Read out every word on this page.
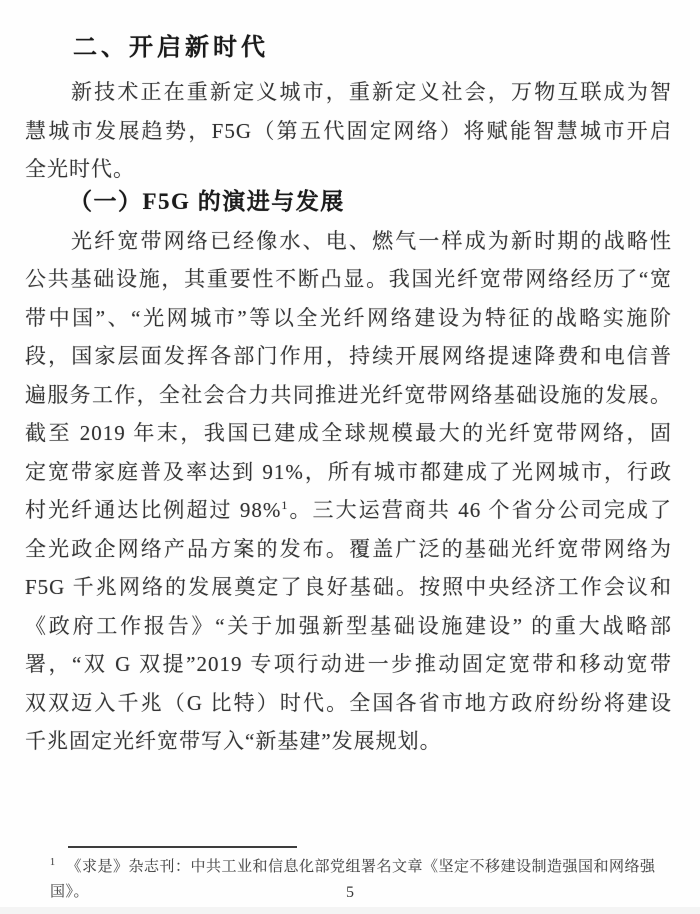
二、开启新时代
新技术正在重新定义城市，重新定义社会，万物互联成为智
慧城市发展趋势，F5G（第五代固定网络）将赋能智慧城市开启
全光时代。
（一）F5G 的演进与发展
光纤宽带网络已经像水、电、燃气一样成为新时期的战略性
公共基础设施，其重要性不断凸显。我国光纤宽带网络经历了“宽
带中国”、“光网城市”等以全光纤网络建设为特征的战略实施阶
段，国家层面发挥各部门作用，持续开展网络提速降费和电信普
遍服务工作，全社会合力共同推进光纤宽带网络基础设施的发展。
截至 2019 年末，我国已建成全球规模最大的光纤宽带网络，固
定宽带家庭普及率达到 91%，所有城市都建成了光网城市，行政
村光纤通达比例超过 98%$^1$。三大运营商共 46 个省分公司完成了
全光政企网络产品方案的发布。覆盖广泛的基础光纤宽带网络为
F5G 千兆网络的发展奠定了良好基础。按照中央经济工作会议和
《政府工作报告》“关于加强新型基础设施建设” 的重大战略部
署，“双 G 双提”2019 专项行动进一步推动固定宽带和移动宽带
双双迈入千兆（G 比特）时代。全国各省市地方政府纷纷将建设
千兆固定光纤宽带写入“新基建”发展规划。
$^1$ 《求是》杂志刊：中共工业和信息化部党组署名文章《坚定不移建设制造强国和网络强国》。	5
